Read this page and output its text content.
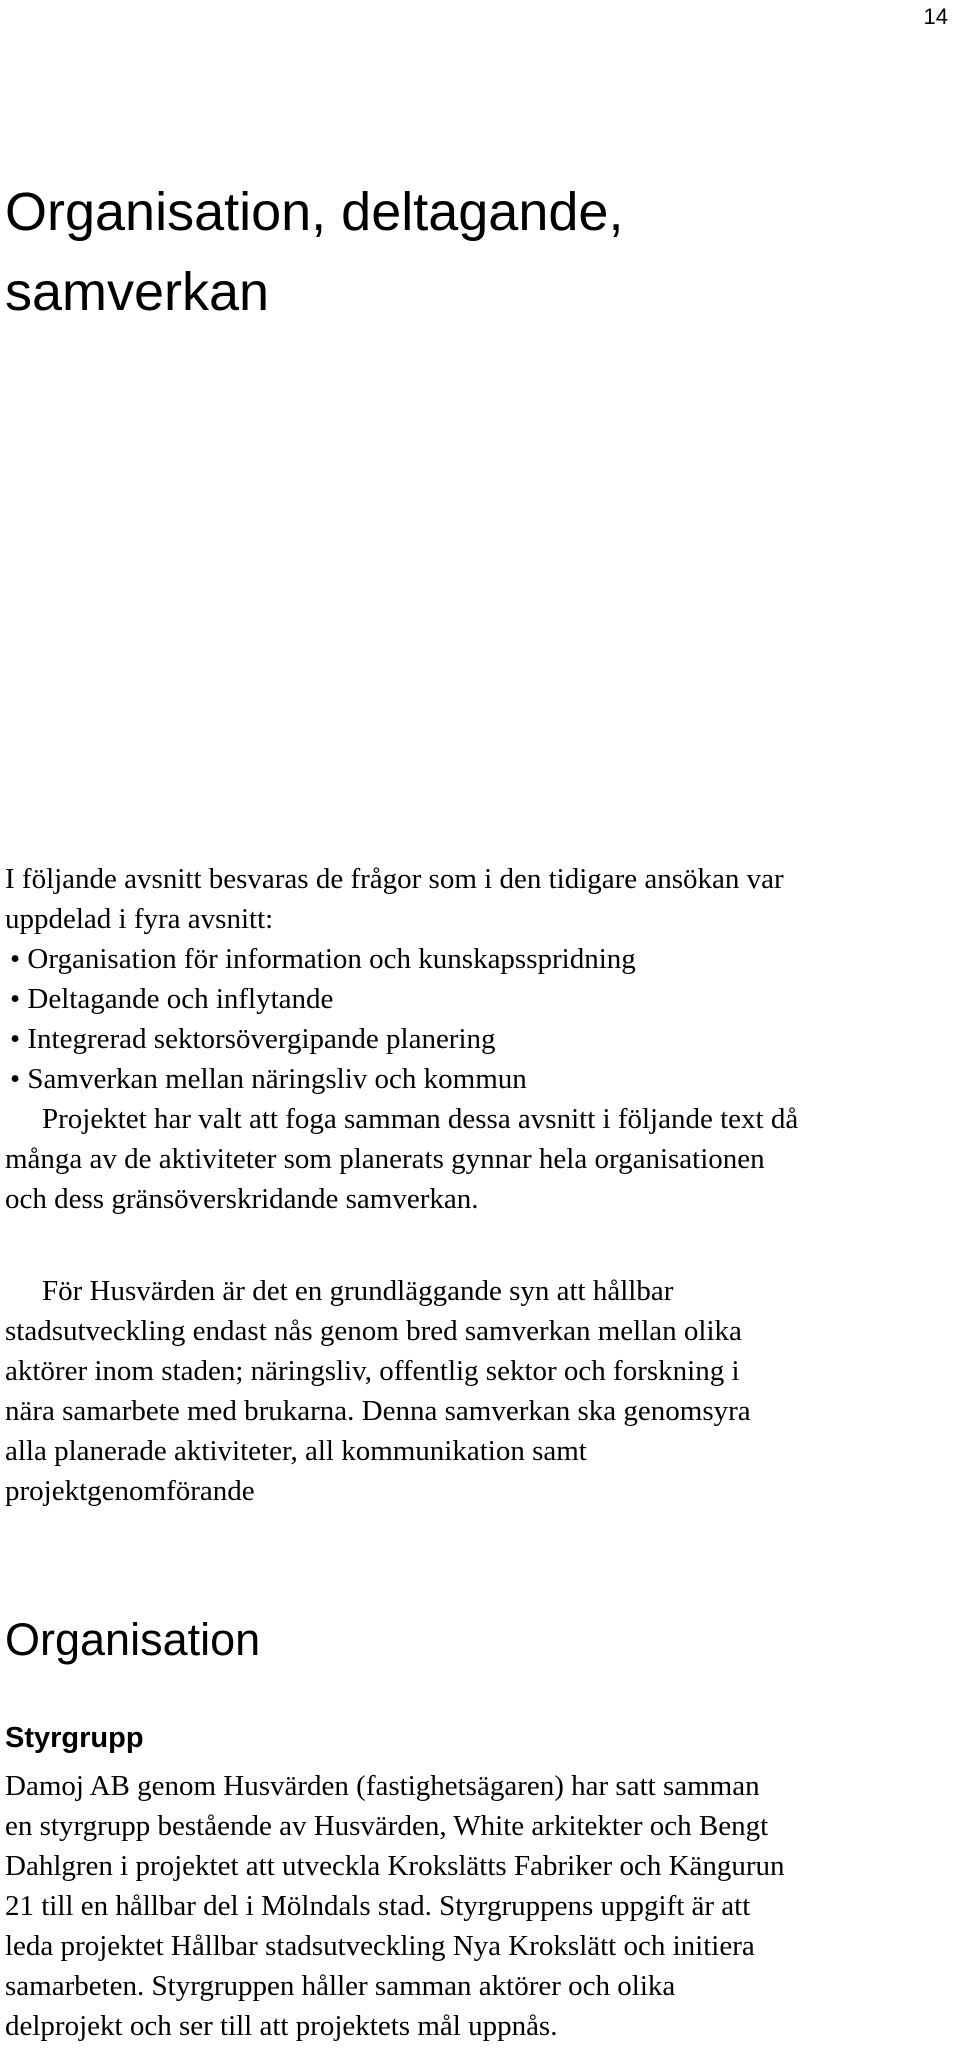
14
Organisation, deltagande,
samverkan
I följande avsnitt besvaras de frågor som i den tidigare ansökan var
uppdelad i fyra avsnitt:
• Organisation för information och kunskapsspridning
• Deltagande och inflytande
• Integrerad sektorsövergipande planering
• Samverkan mellan näringsliv och kommun
Projektet har valt att foga samman dessa avsnitt i följande text då
många av de aktiviteter som planerats gynnar hela organisationen
och dess gränsöverskridande samverkan.
För Husvärden är det en grundläggande syn att hållbar
stadsutveckling endast nås genom bred samverkan mellan olika
aktörer inom staden; näringsliv, offentlig sektor och forskning i
nära samarbete med brukarna. Denna samverkan ska genomsyra
alla planerade aktiviteter, all kommunikation samt
projektgenomförande
Organisation
Styrgrupp
Damoj AB genom Husvärden (fastighetsägaren) har satt samman
en styrgrupp bestående av Husvärden, White arkitekter och Bengt
Dahlgren i projektet att utveckla Krokslätts Fabriker och Kängurun
21 till en hållbar del i Mölndals stad. Styrgruppens uppgift är att
leda projektet Hållbar stadsutveckling Nya Krokslätt och initiera
samarbeten. Styrgruppen håller samman aktörer och olika
delprojekt och ser till att projektets mål uppnås.
